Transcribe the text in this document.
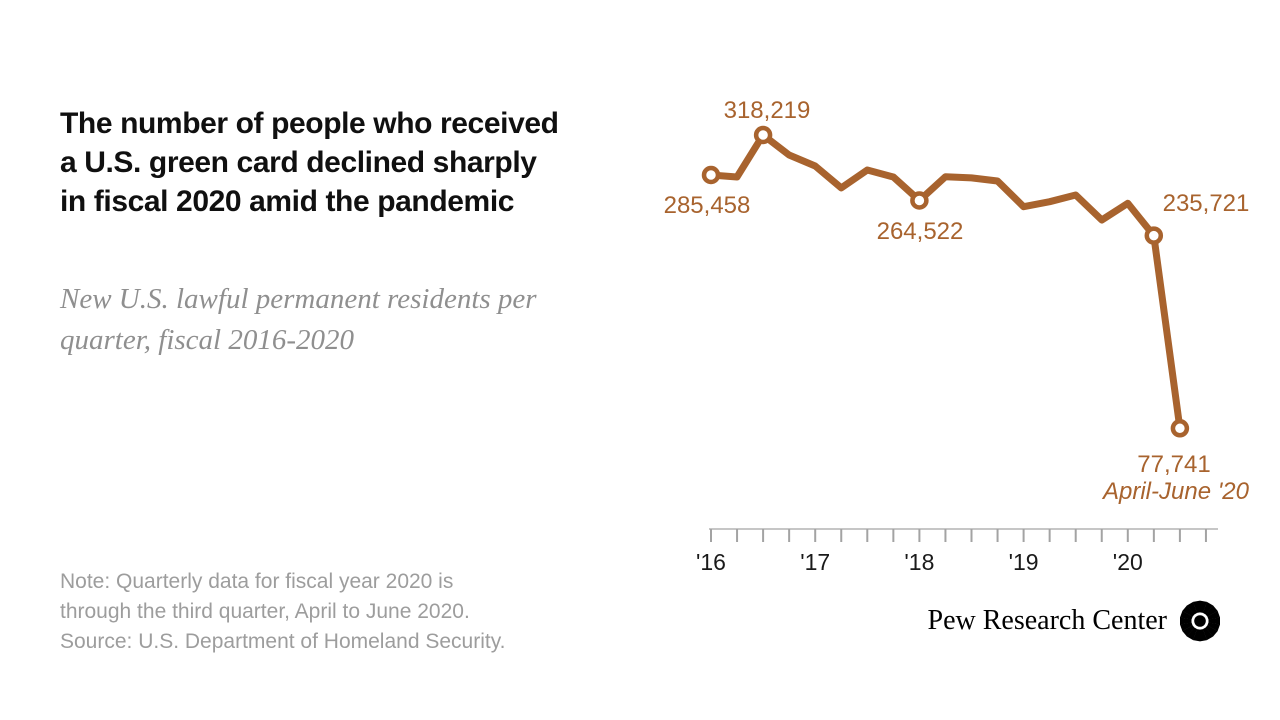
The number of people who received
a U.S. green card declined sharply
in fiscal 2020 amid the pandemic

New U.S. lawful permanent residents per
quarter, fiscal 2016-2020

Note: Quarterly data for fiscal year 2020 is
through the third quarter, April to June 2020.
Source: U.S. Department of Homeland Security.

'16	'17	'18	'19	'20
285,458
318,219
264,522
235,721
77,741
April-June '20
Pew Research Center
